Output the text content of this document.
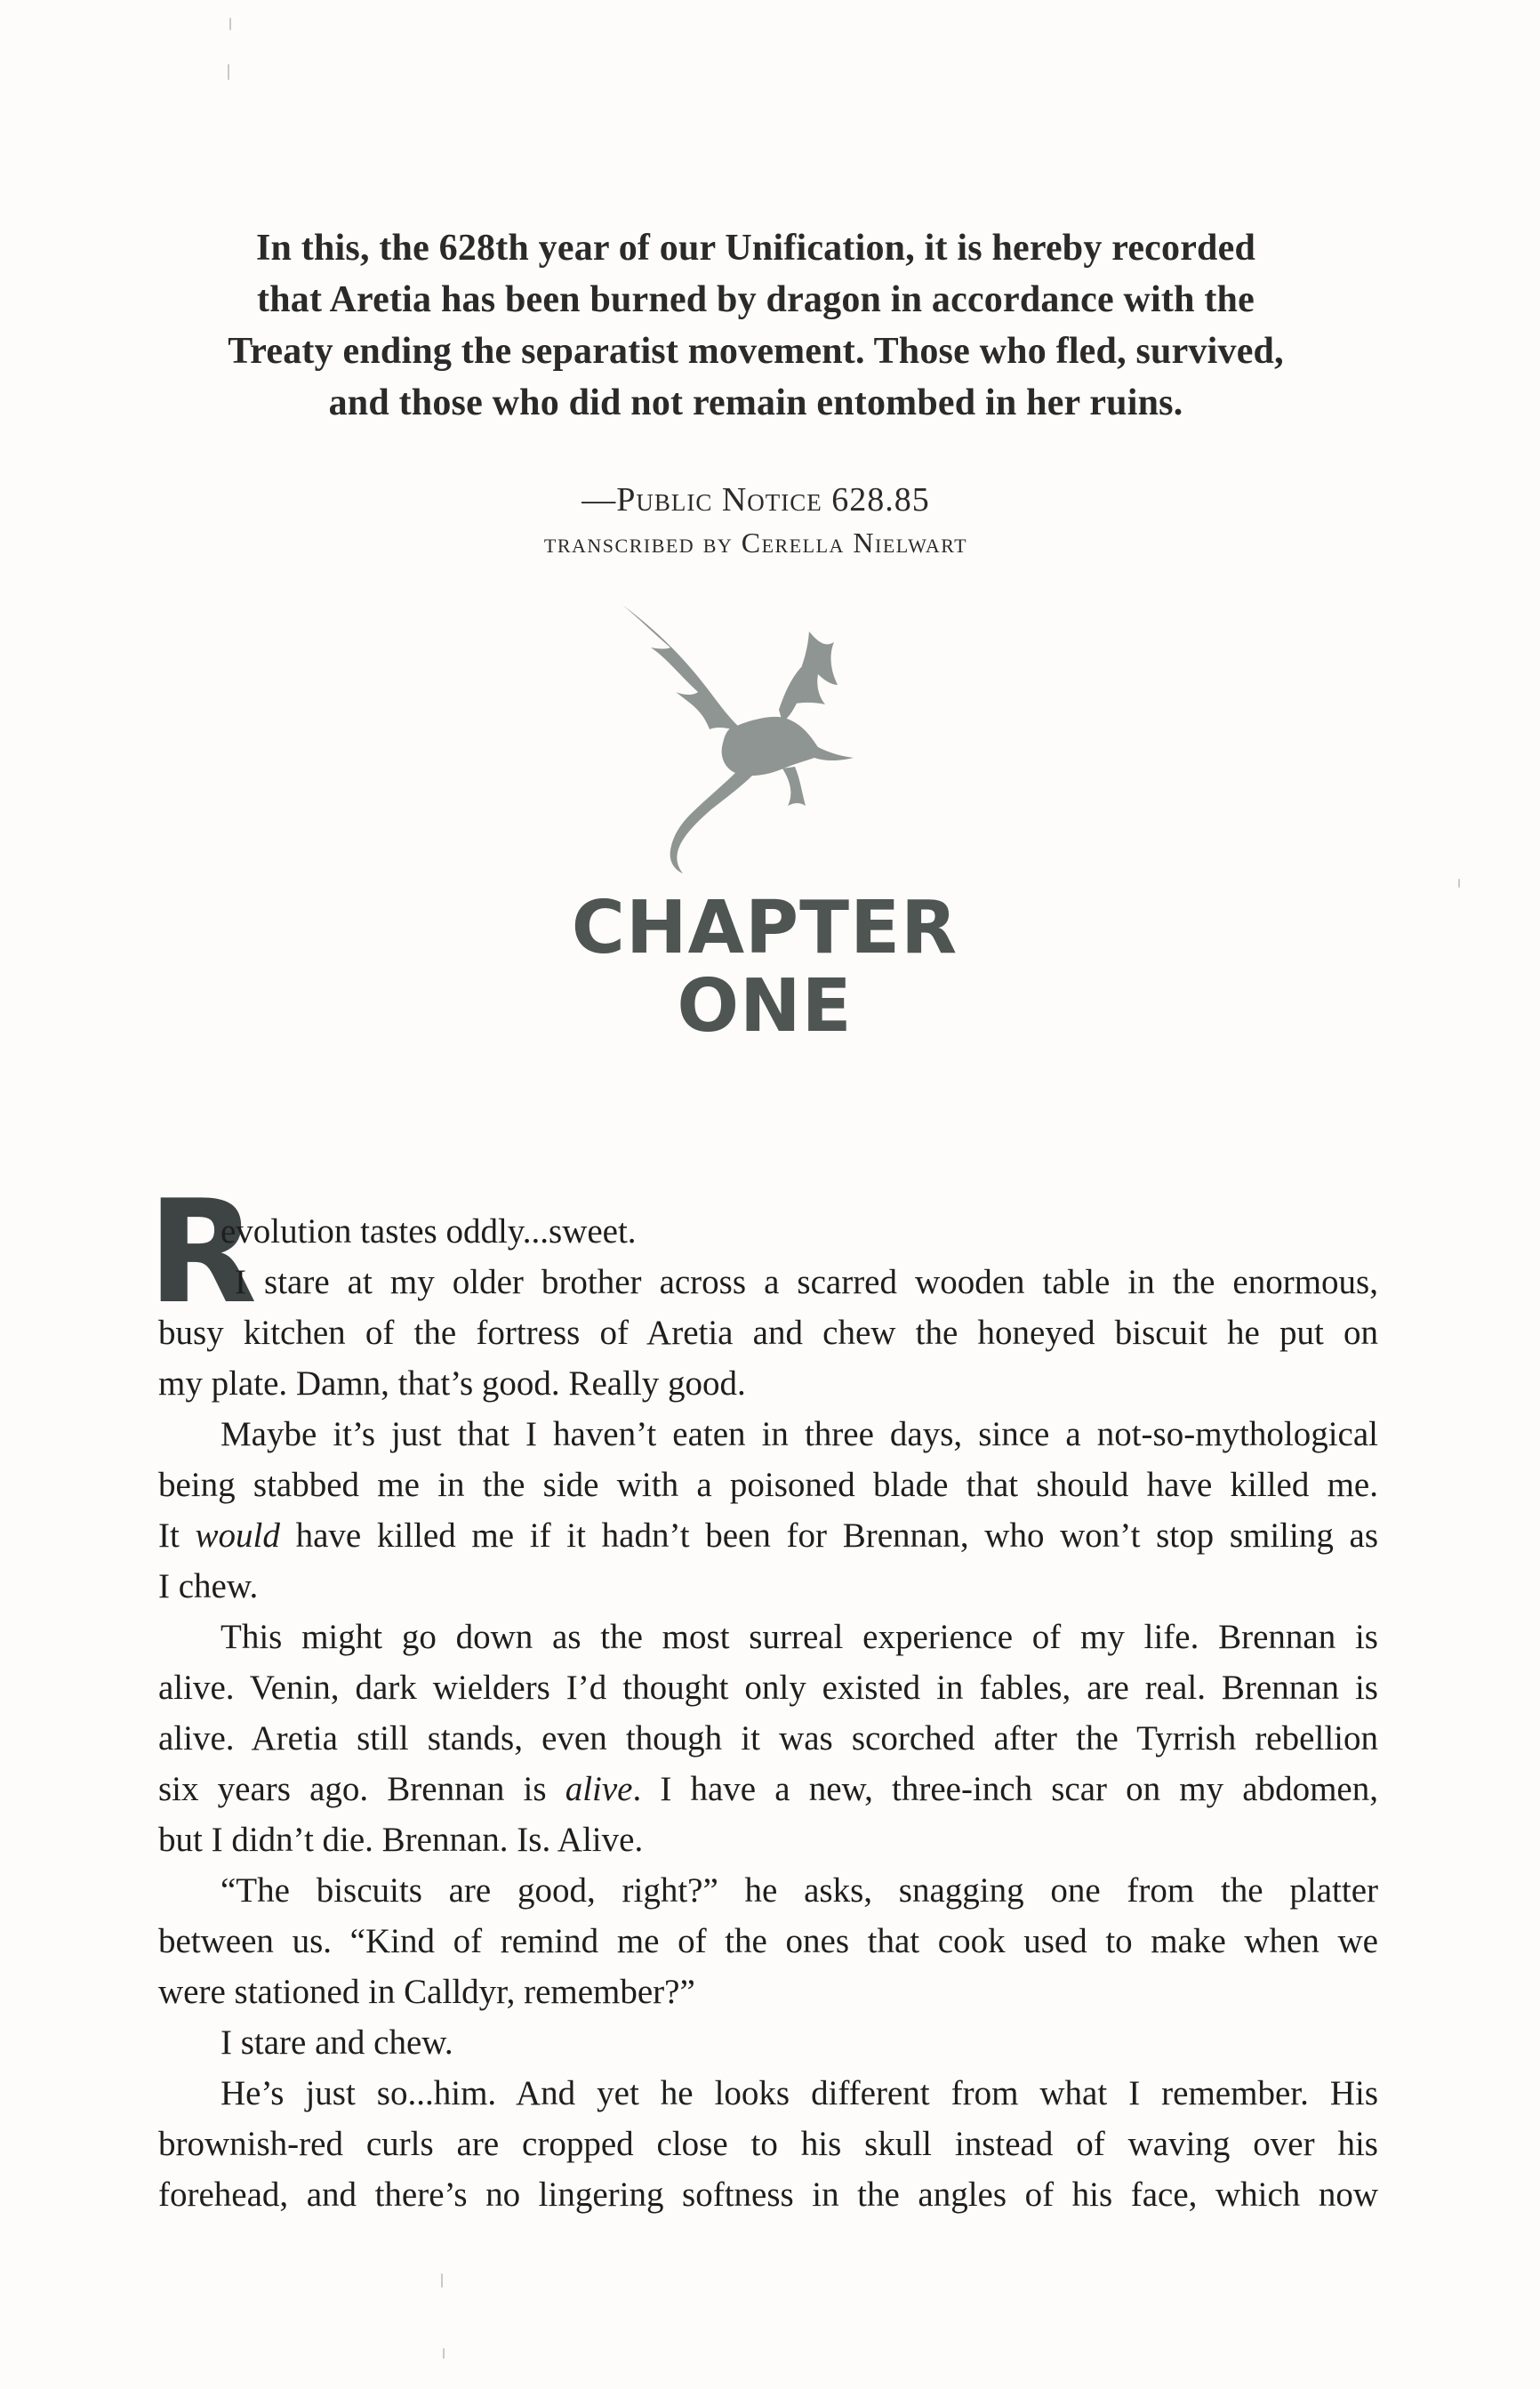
In this, the 628th year of our Unification, it is hereby recorded
that Aretia has been burned by dragon in accordance with the
Treaty ending the separatist movement. Those who fled, survived,
and those who did not remain entombed in her ruins.
—Public Notice 628.85
transcribed by Cerella Nielwart
CHAPTER
ONE
R
evolution tastes oddly...sweet.
I stare at my older brother across a scarred wooden table in the enormous,
busy kitchen of the fortress of Aretia and chew the honeyed biscuit he put on
my plate. Damn, that’s good. Really good.
Maybe it’s just that I haven’t eaten in three days, since a not-so-mythological
being stabbed me in the side with a poisoned blade that should have killed me.
It would have killed me if it hadn’t been for Brennan, who won’t stop smiling as
I chew.
This might go down as the most surreal experience of my life. Brennan is
alive. Venin, dark wielders I’d thought only existed in fables, are real. Brennan is
alive. Aretia still stands, even though it was scorched after the Tyrrish rebellion
six years ago. Brennan is alive. I have a new, three-inch scar on my abdomen,
but I didn’t die. Brennan. Is. Alive.
“The biscuits are good, right?” he asks, snagging one from the platter
between us. “Kind of remind me of the ones that cook used to make when we
were stationed in Calldyr, remember?”
I stare and chew.
He’s just so...him. And yet he looks different from what I remember. His
brownish-red curls are cropped close to his skull instead of waving over his
forehead, and there’s no lingering softness in the angles of his face, which now
